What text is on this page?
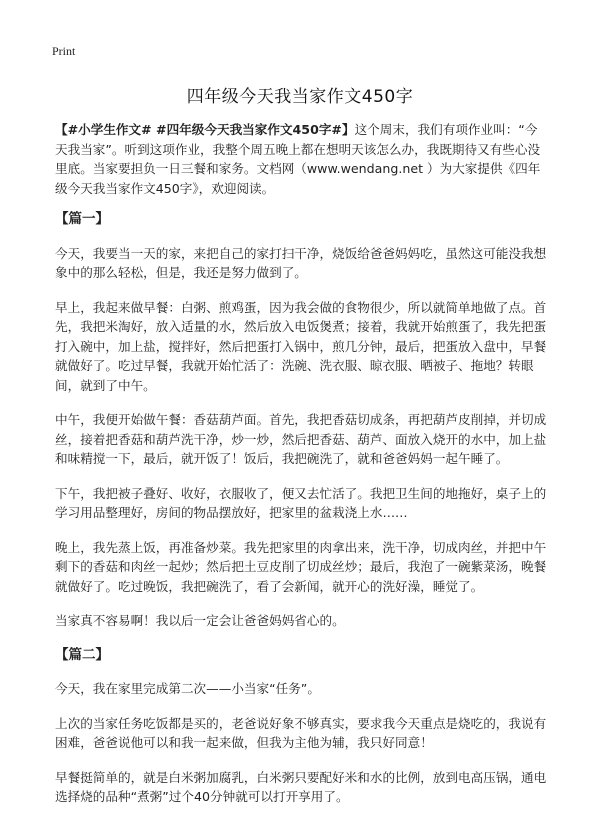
Print
四年级今天我当家作文450字

【#小学生作文# #四年级今天我当家作文450字#】这个周末，我们有项作业叫：“今天我当家”。听到这项作业，我整个周五晚上都在想明天该怎么办，我既期待又有些心没里底。当家要担负一日三餐和家务。文档网（www.wendang.net ）为大家提供《四年级今天我当家作文450字》，欢迎阅读。

【篇一】

今天，我要当一天的家，来把自己的家打扫干净，烧饭给爸爸妈妈吃，虽然这可能没我想象中的那么轻松，但是，我还是努力做到了。

早上，我起来做早餐：白粥、煎鸡蛋，因为我会做的食物很少，所以就简单地做了点。首先，我把米淘好，放入适量的水，然后放入电饭煲煮；接着，我就开始煎蛋了，我先把蛋打入碗中，加上盐，搅拌好，然后把蛋打入锅中，煎几分钟，最后，把蛋放入盘中，早餐就做好了。吃过早餐，我就开始忙活了：洗碗、洗衣服、晾衣服、晒被子、拖地？转眼间，就到了中午。

中午，我便开始做午餐：香菇葫芦面。首先，我把香菇切成条，再把葫芦皮削掉，并切成丝，接着把香菇和葫芦洗干净，炒一炒，然后把香菇、葫芦、面放入烧开的水中，加上盐和味精搅一下，最后，就开饭了！饭后，我把碗洗了，就和爸爸妈妈一起午睡了。

下午，我把被子叠好、收好，衣服收了，便又去忙活了。我把卫生间的地拖好，桌子上的学习用品整理好，房间的物品摆放好，把家里的盆栽浇上水……

晚上，我先蒸上饭，再准备炒菜。我先把家里的肉拿出来，洗干净，切成肉丝，并把中午剩下的香菇和肉丝一起炒；然后把土豆皮削了切成丝炒；最后，我泡了一碗紫菜汤，晚餐就做好了。吃过晚饭，我把碗洗了，看了会新闻，就开心的洗好澡，睡觉了。

当家真不容易啊！我以后一定会让爸爸妈妈省心的。

【篇二】

今天，我在家里完成第二次——小当家“任务”。

上次的当家任务吃饭都是买的，老爸说好象不够真实，要求我今天重点是烧吃的，我说有困难，爸爸说他可以和我一起来做，但我为主他为辅，我只好同意！

早餐挺简单的，就是白米粥加腐乳，白米粥只要配好米和水的比例，放到电高压锅，通电选择烧的品种“煮粥”过个40分钟就可以打开享用了。
